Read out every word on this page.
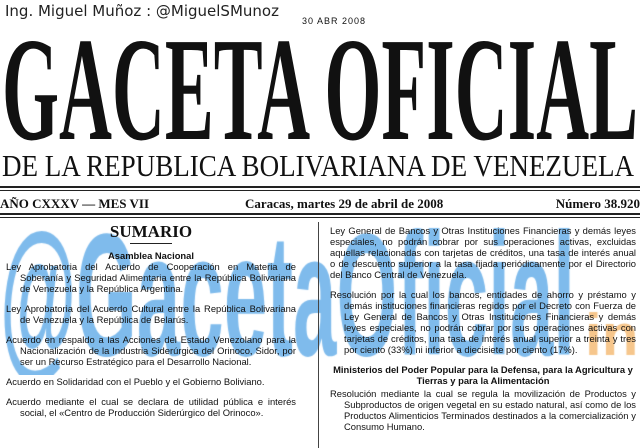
Ing. Miguel Muñoz : @MiguelSMunoz
30 ABR 2008
GACETA OFICIAL
DE LA REPUBLICA BOLIVARIANA DE VENEZUELA
AÑO CXXXV — MES VII	Caracas, martes 29 de abril de 2008	Número 38.920
SUMARIO
Asamblea Nacional

Ley Aprobatoria del Acuerdo de Cooperación en Materia de Soberanía y Seguridad Alimentaria entre la República Bolivariana de Venezuela y la República Argentina.

Ley Aprobatoria del Acuerdo Cultural entre la República Bolivariana de Venezuela y la República de Belarús.

Acuerdo en respaldo a las Acciones del Estado Venezolano para la Nacionalización de la Industria Siderúrgica del Orinoco, Sidor, por ser un Recurso Estratégico para el Desarrollo Nacional.

Acuerdo en Solidaridad con el Pueblo y el Gobierno Boliviano.

Acuerdo mediante el cual se declara de utilidad pública e interés social, el «Centro de Producción Siderúrgico del Orinoco».

Ley General de Bancos y Otras Instituciones Financieras y demás leyes especiales, no podrán cobrar por sus operaciones activas, excluidas aquellas relacionadas con tarjetas de créditos, una tasa de interés anual o de descuento superior a la tasa fijada periódicamente por el Directorio del Banco Central de Venezuela.

Resolución por la cual los bancos, entidades de ahorro y préstamo y demás instituciones financieras regidos por el Decreto con Fuerza de Ley General de Bancos y Otras Instituciones Financieras y demás leyes especiales, no podrán cobrar por sus operaciones activas con tarjetas de créditos, una tasa de interés anual superior a treinta y tres por ciento (33%) ni inferior a diecisiete por ciento (17%).

Ministerios del Poder Popular para la Defensa, para la Agricultura y Tierras y para la Alimentación

Resolución mediante la cual se regula la movilización de Productos y Subproductos de origen vegetal en su estado natural, así como de los Productos Alimenticios Terminados destinados a la comercialización y Consumo Humano.
